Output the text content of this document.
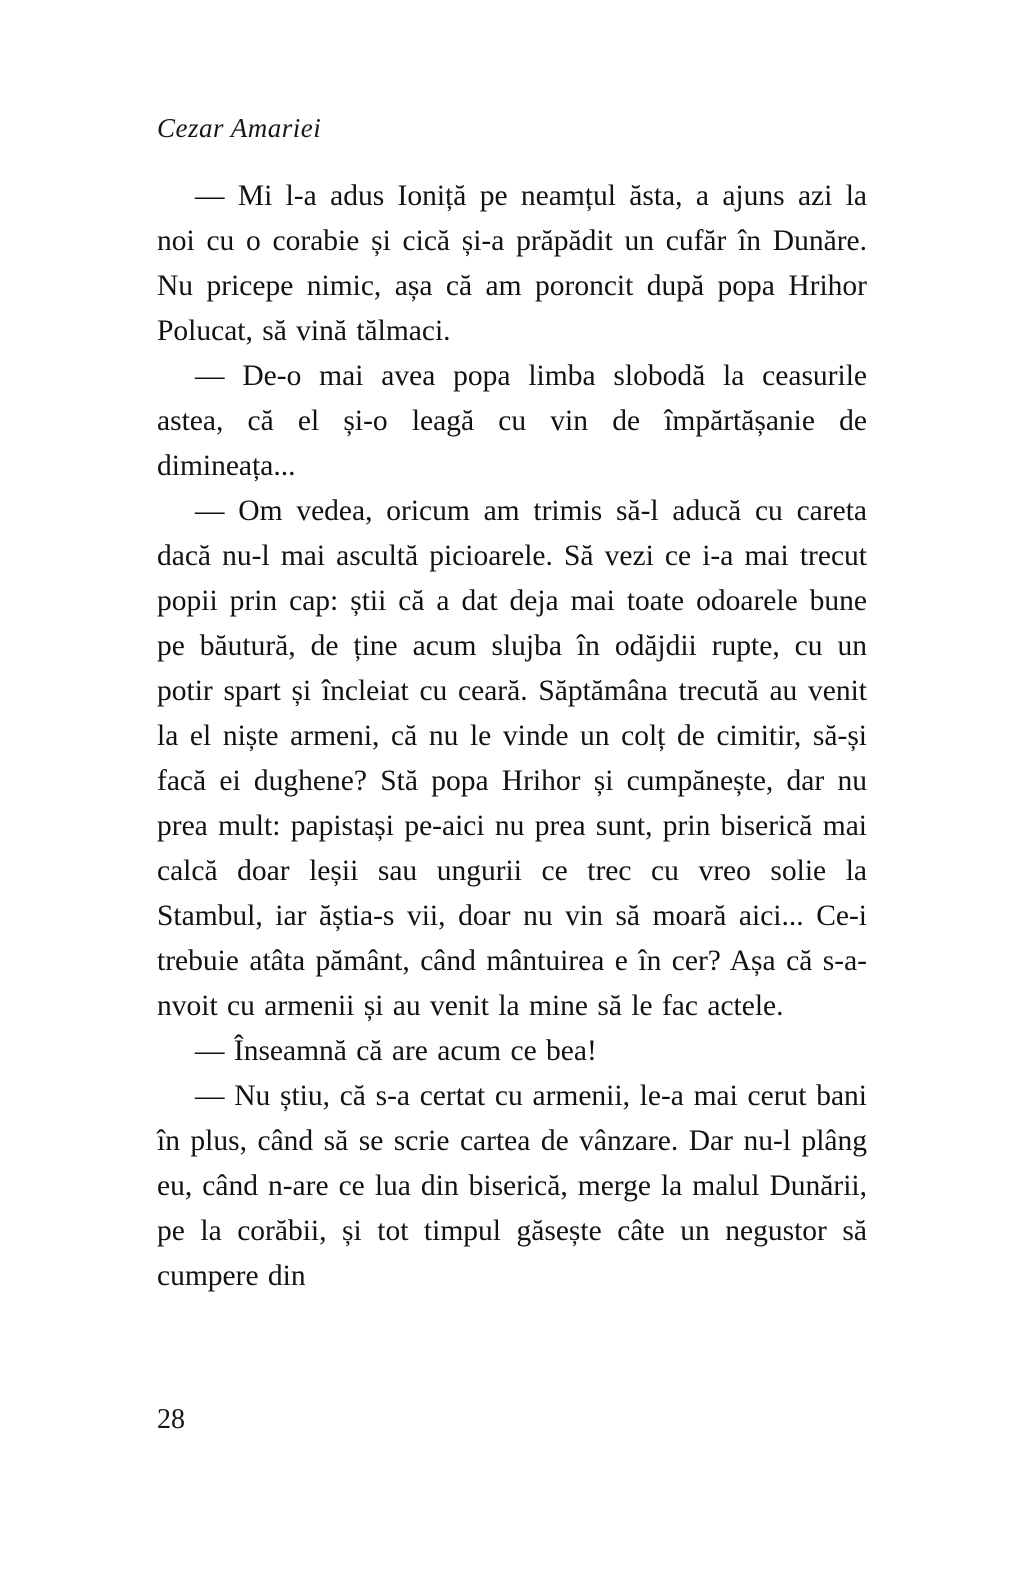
Cezar Amariei

— Mi l-a adus Ioniță pe neamțul ăsta, a ajuns azi la noi cu o corabie și cică și-a prăpădit un cufăr în Dunăre. Nu pricepe nimic, așa că am poroncit după popa Hrihor Polucat, să vină tălmaci.

— De-o mai avea popa limba slobodă la ceasurile astea, că el și-o leagă cu vin de împărtășanie de dimineața...

— Om vedea, oricum am trimis să-l aducă cu careta dacă nu-l mai ascultă picioarele. Să vezi ce i-a mai trecut popii prin cap: știi că a dat deja mai toate odoarele bune pe băutură, de ține acum slujba în odăjdii rupte, cu un potir spart și încleiat cu ceară. Săptămâna trecută au venit la el niște armeni, că nu le vinde un colț de cimitir, să-și facă ei dughene? Stă popa Hrihor și cumpănește, dar nu prea mult: papistași pe-aici nu prea sunt, prin biserică mai calcă doar leșii sau ungurii ce trec cu vreo solie la Stambul, iar ăștia-s vii, doar nu vin să moară aici... Ce-i trebuie atâta pământ, când mântuirea e în cer? Așa că s-a-nvoit cu armenii și au venit la mine să le fac actele.

— Înseamnă că are acum ce bea!

— Nu știu, că s-a certat cu armenii, le-a mai cerut bani în plus, când să se scrie cartea de vânzare. Dar nu-l plâng eu, când n-are ce lua din biserică, merge la malul Dunării, pe la corăbii, și tot timpul găsește câte un negustor să cumpere din

28
